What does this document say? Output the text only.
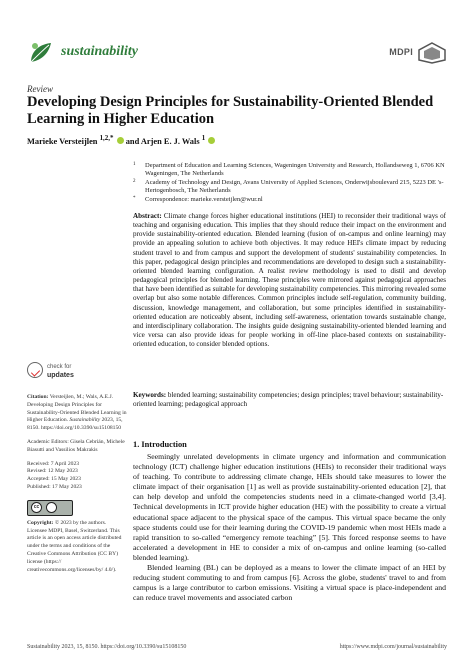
sustainability	MDPI
Review
Developing Design Principles for Sustainability-Oriented Blended Learning in Higher Education
Marieke Versteijlen $^{1,2,*}$ and Arjen E. J. Wals $^1$
1 Department of Education and Learning Sciences, Wageningen University and Research, Hollandseweg 1, 6706 KN Wageningen, The Netherlands
2 Academy of Technology and Design, Avans University of Applied Sciences, Onderwijsboulevard 215, 5223 DE 's-Hertogenbosch, The Netherlands
* Correspondence: marieke.versteijlen@wur.nl
Abstract: Climate change forces higher educational institutions (HEI) to reconsider their traditional ways of teaching and organising education. This implies that they should reduce their impact on the environment and provide sustainability-oriented education. Blended learning (fusion of on-campus and online learning) may provide an appealing solution to achieve both objectives. It may reduce HEI's climate impact by reducing student travel to and from campus and support the development of students' sustainability competencies. In this paper, pedagogical design principles and recommendations are developed to design such a sustainability-oriented blended learning configuration. A realist review methodology is used to distil and develop pedagogical principles for blended learning. These principles were mirrored against pedagogical approaches that have been identified as suitable for developing sustainability competencies. This mirroring revealed some overlap but also some notable differences. Common principles include self-regulation, community building, discussion, knowledge management, and collaboration, but some principles identified in sustainability-oriented education are noticeably absent, including self-awareness, orientation towards sustainable change, and interdisciplinary collaboration. The insights guide designing sustainability-oriented blended learning and vice versa can also provide ideas for people working in off-line place-based contexts on sustainability-oriented education, to consider blended options.
Keywords: blended learning; sustainability competencies; design principles; travel behaviour; sustainability-oriented learning; pedagogical approach
check for
updates
Citation: Versteijlen, M.; Wals, A.E.J. Developing Design Principles for Sustainability-Oriented Blended Learning in Higher Education. Sustainability 2023, 15, 8150. https://doi.org/10.3390/su15108150
Academic Editors: Gisela Cebrián, Michele Biasutti and Vassilios Makrakis
Received: 7 April 2023
Revised: 12 May 2023
Accepted: 15 May 2023
Published: 17 May 2023
cc
Copyright: © 2023 by the authors. Licensee MDPI, Basel, Switzerland. This article is an open access article distributed under the terms and conditions of the Creative Commons Attribution (CC BY) license (https:// creativecommons.org/licenses/by/ 4.0/).
1. Introduction

Seemingly unrelated developments in climate urgency and information and communication technology (ICT) challenge higher education institutions (HEIs) to reconsider their traditional ways of teaching. To contribute to addressing climate change, HEIs should take measures to lower the climate impact of their organisation [1] as well as provide sustainability-oriented education [2], that can help develop and unfold the competencies students need in a climate-changed world [3,4]. Technical developments in ICT provide higher education (HE) with the possibility to create a virtual educational space adjacent to the physical space of the campus. This virtual space became the only space students could use for their learning during the COVID-19 pandemic when most HEIs made a rapid transition to so-called “emergency remote teaching” [5]. This forced response seems to have accelerated a development in HE to consider a mix of on-campus and online learning (so-called blended learning).

Blended learning (BL) can be deployed as a means to lower the climate impact of an HEI by reducing student commuting to and from campus [6]. Across the globe, students' travel to and from campus is a large contributor to carbon emissions. Visiting a virtual space is place-independent and can reduce travel movements and associated carbon

Sustainability 2023, 15, 8150. https://doi.org/10.3390/su15108150	https://www.mdpi.com/journal/sustainability
